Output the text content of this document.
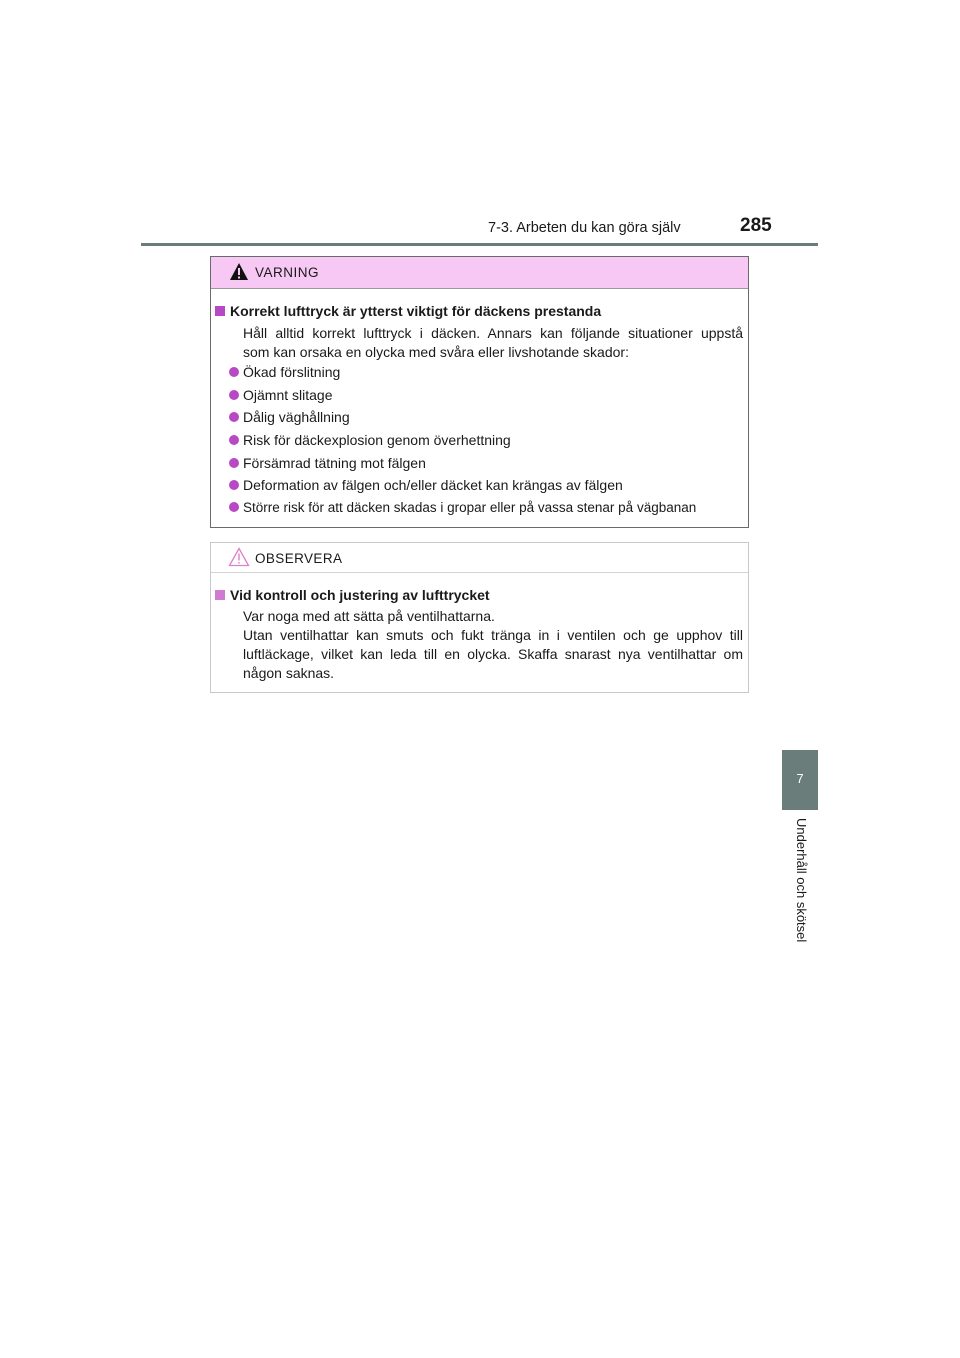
7-3. Arbeten du kan göra själv	285
7
Underhåll och skötsel
VARNING
Korrekt lufttryck är ytterst viktigt för däckens prestanda
Håll alltid korrekt lufttryck i däcken. Annars kan följande situationer uppstå
som kan orsaka en olycka med svåra eller livshotande skador:
Ökad förslitning
Ojämnt slitage
Dålig väghållning
Risk för däckexplosion genom överhettning
Försämrad tätning mot fälgen
Deformation av fälgen och/eller däcket kan krängas av fälgen
Större risk för att däcken skadas i gropar eller på vassa stenar på vägbanan
OBSERVERA
Vid kontroll och justering av lufttrycket
Var noga med att sätta på ventilhattarna.
Utan ventilhattar kan smuts och fukt tränga in i ventilen och ge upphov till
luftläckage, vilket kan leda till en olycka. Skaffa snarast nya ventilhattar om
någon saknas.
